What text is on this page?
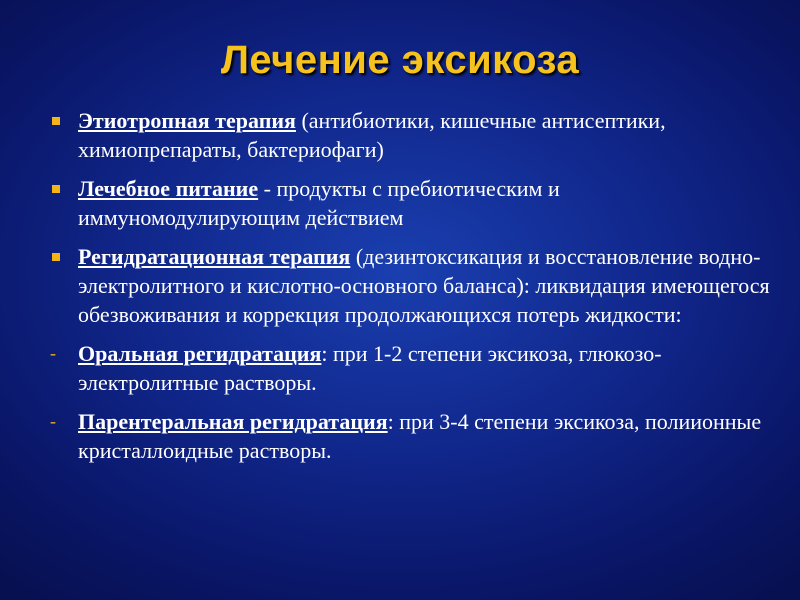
Лечение эксикоза
Этиотропная терапия (антибиотики, кишечные антисептики, химиопрепараты, бактериофаги)
Лечебное питание - продукты с пребиотическим и иммуномодулирующим действием
Регидратационная терапия (дезинтоксикация и восстановление водно-электролитного и кислотно-основного баланса): ликвидация имеющегося обезвоживания и коррекция продолжающихся потерь жидкости:
- Оральная регидратация: при 1-2 степени эксикоза, глюкозо-электролитные растворы.
- Парентеральная регидратация: при 3-4 степени эксикоза, полиионные кристаллоидные растворы.
